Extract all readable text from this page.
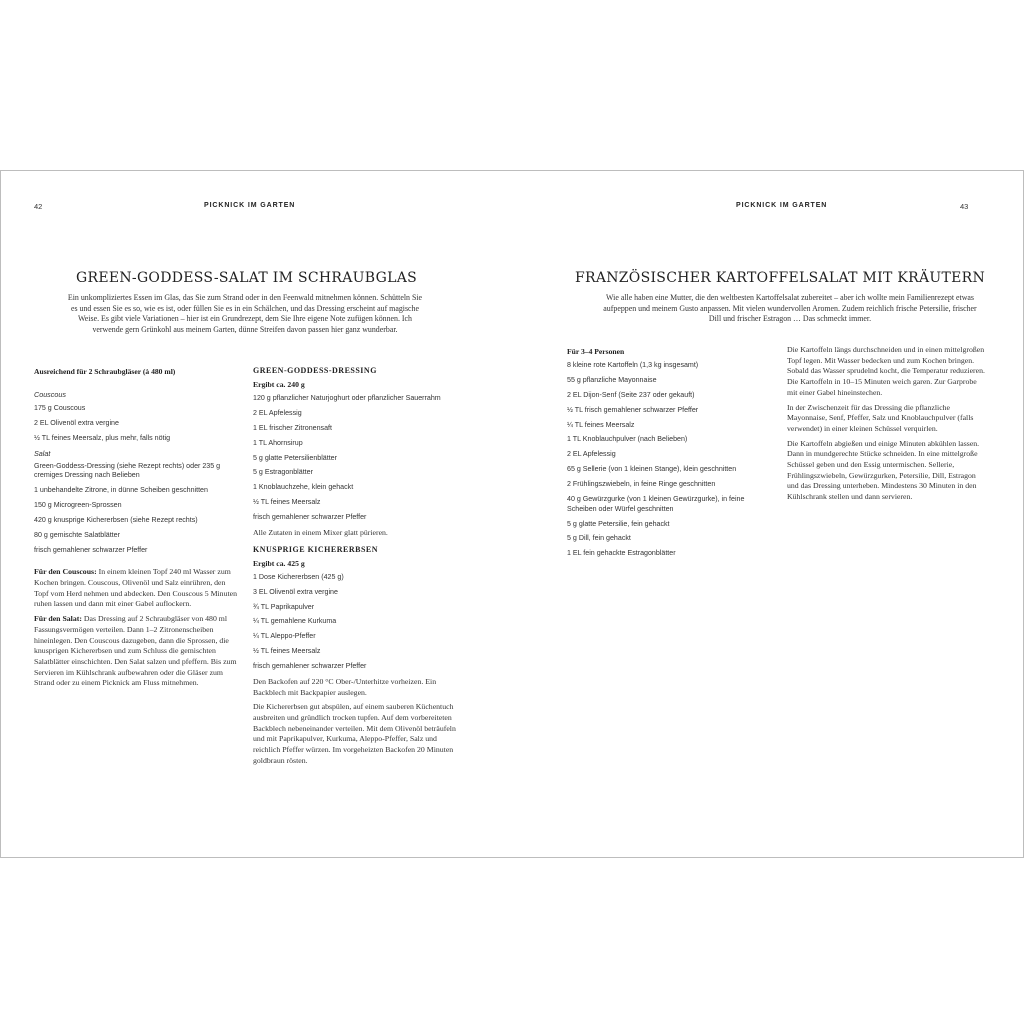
42	PICKNICK IM GARTEN
GREEN-GODDESS-SALAT IM SCHRAUBGLAS
Ein unkompliziertes Essen im Glas, das Sie zum Strand oder in den Feenwald mitnehmen können. Schütteln Sie es und essen Sie es so, wie es ist, oder füllen Sie es in ein Schälchen, und das Dressing erscheint auf magische Weise. Es gibt viele Variationen – hier ist ein Grundrezept, dem Sie Ihre eigene Note zufügen können. Ich verwende gern Grünkohl aus meinem Garten, dünne Streifen davon passen hier ganz wunderbar.
Ausreichend für 2 Schraubgläser (à 480 ml)
Couscous
175 g Couscous
2 EL Olivenöl extra vergine
½ TL feines Meersalz, plus mehr, falls nötig
Salat
Green-Goddess-Dressing (siehe Rezept rechts) oder 235 g cremiges Dressing nach Belieben
1 unbehandelte Zitrone, in dünne Scheiben geschnitten
150 g Microgreen-Sprossen
420 g knusprige Kichererbsen (siehe Rezept rechts)
80 g gemischte Salatblätter
frisch gemahlener schwarzer Pfeffer

Für den Couscous: In einem kleinen Topf 240 ml Wasser zum Kochen bringen. Couscous, Olivenöl und Salz einrühren, den Topf vom Herd nehmen und abdecken. Den Couscous 5 Minuten ruhen lassen und dann mit einer Gabel auflockern.

Für den Salat: Das Dressing auf 2 Schraubgläser von 480 ml Fassungsvermögen verteilen. Dann 1–2 Zitronenscheiben hineinlegen. Den Couscous dazugeben, dann die Sprossen, die knusprigen Kichererbsen und zum Schluss die gemischten Salatblätter einschichten. Den Salat salzen und pfeffern. Bis zum Servieren im Kühlschrank aufbewahren oder die Gläser zum Strand oder zu einem Picknick am Fluss mitnehmen.

GREEN-GODDESS-DRESSING
Ergibt ca. 240 g
120 g pflanzlicher Naturjoghurt oder pflanzlicher Sauerrahm
2 EL Apfelessig
1 EL frischer Zitronensaft
1 TL Ahornsirup
5 g glatte Petersilienblätter
5 g Estragonblätter
1 Knoblauchzehe, klein gehackt
½ TL feines Meersalz
frisch gemahlener schwarzer Pfeffer
Alle Zutaten in einem Mixer glatt pürieren.
KNUSPRIGE KICHERERBSEN
Ergibt ca. 425 g
1 Dose Kichererbsen (425 g)
3 EL Olivenöl extra vergine
¾ TL Paprikapulver
¼ TL gemahlene Kurkuma
¼ TL Aleppo-Pfeffer
½ TL feines Meersalz
frisch gemahlener schwarzer Pfeffer

Den Backofen auf 220 °C Ober-/Unterhitze vorheizen. Ein Backblech mit Backpapier auslegen.

Die Kichererbsen gut abspülen, auf einem sauberen Küchentuch ausbreiten und gründlich trocken tupfen. Auf dem vorbereiteten Backblech nebeneinander verteilen. Mit dem Olivenöl beträufeln und mit Paprikapulver, Kurkuma, Aleppo-Pfeffer, Salz und reichlich Pfeffer würzen. Im vorgeheizten Backofen 20 Minuten goldbraun rösten.

PICKNICK IM GARTEN	43
FRANZÖSISCHER KARTOFFELSALAT MIT KRÄUTERN
Wie alle haben eine Mutter, die den weltbesten Kartoffelsalat zubereitet – aber ich wollte mein Familienrezept etwas aufpeppen und meinem Gusto anpassen. Mit vielen wundervollen Aromen. Zudem reichlich frische Petersilie, frischer Dill und frischer Estragon … Das schmeckt immer.
Für 3–4 Personen
8 kleine rote Kartoffeln (1,3 kg insgesamt)
55 g pflanzliche Mayonnaise
2 EL Dijon-Senf (Seite 237 oder gekauft)
½ TL frisch gemahlener schwarzer Pfeffer
¼ TL feines Meersalz
1 TL Knoblauchpulver (nach Belieben)
2 EL Apfelessig
65 g Sellerie (von 1 kleinen Stange), klein geschnitten
2 Frühlingszwiebeln, in feine Ringe geschnitten
40 g Gewürzgurke (von 1 kleinen Gewürzgurke), in feine Scheiben oder Würfel geschnitten
5 g glatte Petersilie, fein gehackt
5 g Dill, fein gehackt
1 EL fein gehackte Estragonblätter

Die Kartoffeln längs durchschneiden und in einen mittelgroßen Topf legen. Mit Wasser bedecken und zum Kochen bringen. Sobald das Wasser sprudelnd kocht, die Temperatur reduzieren. Die Kartoffeln in 10–15 Minuten weich garen. Zur Garprobe mit einer Gabel hineinstechen.

In der Zwischenzeit für das Dressing die pflanzliche Mayonnaise, Senf, Pfeffer, Salz und Knoblauchpulver (falls verwendet) in einer kleinen Schüssel verquirlen.

Die Kartoffeln abgießen und einige Minuten abkühlen lassen. Dann in mundgerechte Stücke schneiden. In eine mittelgroße Schüssel geben und den Essig untermischen. Sellerie, Frühlingszwiebeln, Gewürzgurken, Petersilie, Dill, Estragon und das Dressing unterheben. Mindestens 30 Minuten in den Kühlschrank stellen und dann servieren.
